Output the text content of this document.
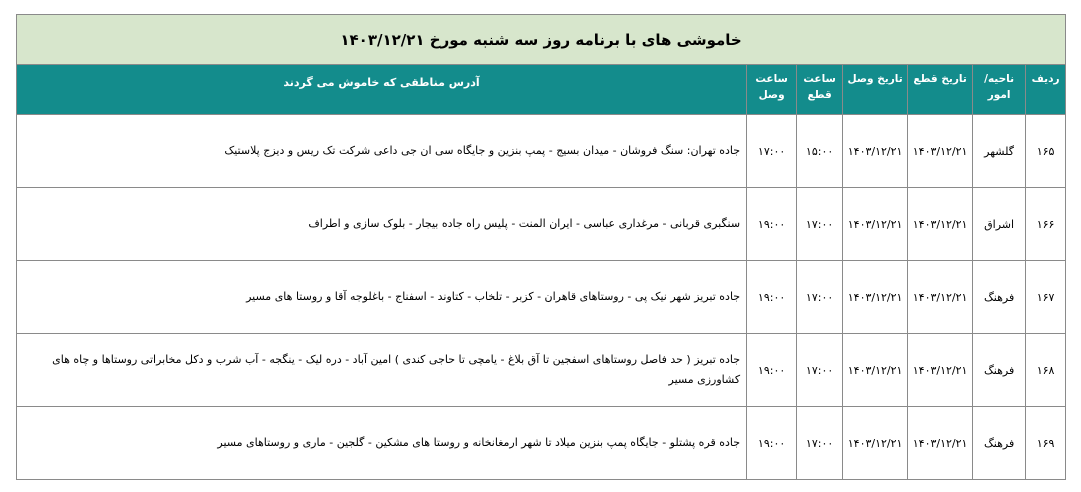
خاموشی های با برنامه روز سه شنبه مورخ ۱۴۰۳/۱۲/۲۱						
ردیف	ناحیه/امور	تاریخ قطع	تاریخ وصل	ساعت قطع	ساعت وصل	آدرس مناطقی که خاموش می گردند
۱۶۵	گلشهر	۱۴۰۳/۱۲/۲۱	۱۴۰۳/۱۲/۲۱	۱۵:۰۰	۱۷:۰۰	جاده تهران: سنگ فروشان - میدان بسیج - پمپ بنزین و جایگاه سی ان جی داعی شرکت تک ریس و دیزج پلاستیک
۱۶۶	اشراق	۱۴۰۳/۱۲/۲۱	۱۴۰۳/۱۲/۲۱	۱۷:۰۰	۱۹:۰۰	سنگبری قربانی - مرغداری عباسی - ایران المنت - پلیس راه جاده بیجار - بلوک سازی و اطراف
۱۶۷	فرهنگ	۱۴۰۳/۱۲/۲۱	۱۴۰۳/۱۲/۲۱	۱۷:۰۰	۱۹:۰۰	جاده تبریز شهر نیک پی - روستاهای قاهران - کزبر - تلخاب - کتاوند - اسفناج - باغلوجه آقا و روستا های مسیر
۱۶۸	فرهنگ	۱۴۰۳/۱۲/۲۱	۱۴۰۳/۱۲/۲۱	۱۷:۰۰	۱۹:۰۰	جاده تبریز ( حد فاصل روستاهای اسفجین تا آق بلاغ - یامچی تا حاجی کندی ) امین آباد - دره لیک - ینگجه - آب شرب و دکل مخابراتی روستاها و چاه های کشاورزی مسیر
۱۶۹	فرهنگ	۱۴۰۳/۱۲/۲۱	۱۴۰۳/۱۲/۲۱	۱۷:۰۰	۱۹:۰۰	جاده قره پشتلو - جایگاه پمپ بنزین میلاد تا شهر ارمغانخانه و روستا های مشکین - گلجین - ماری و روستاهای مسیر
